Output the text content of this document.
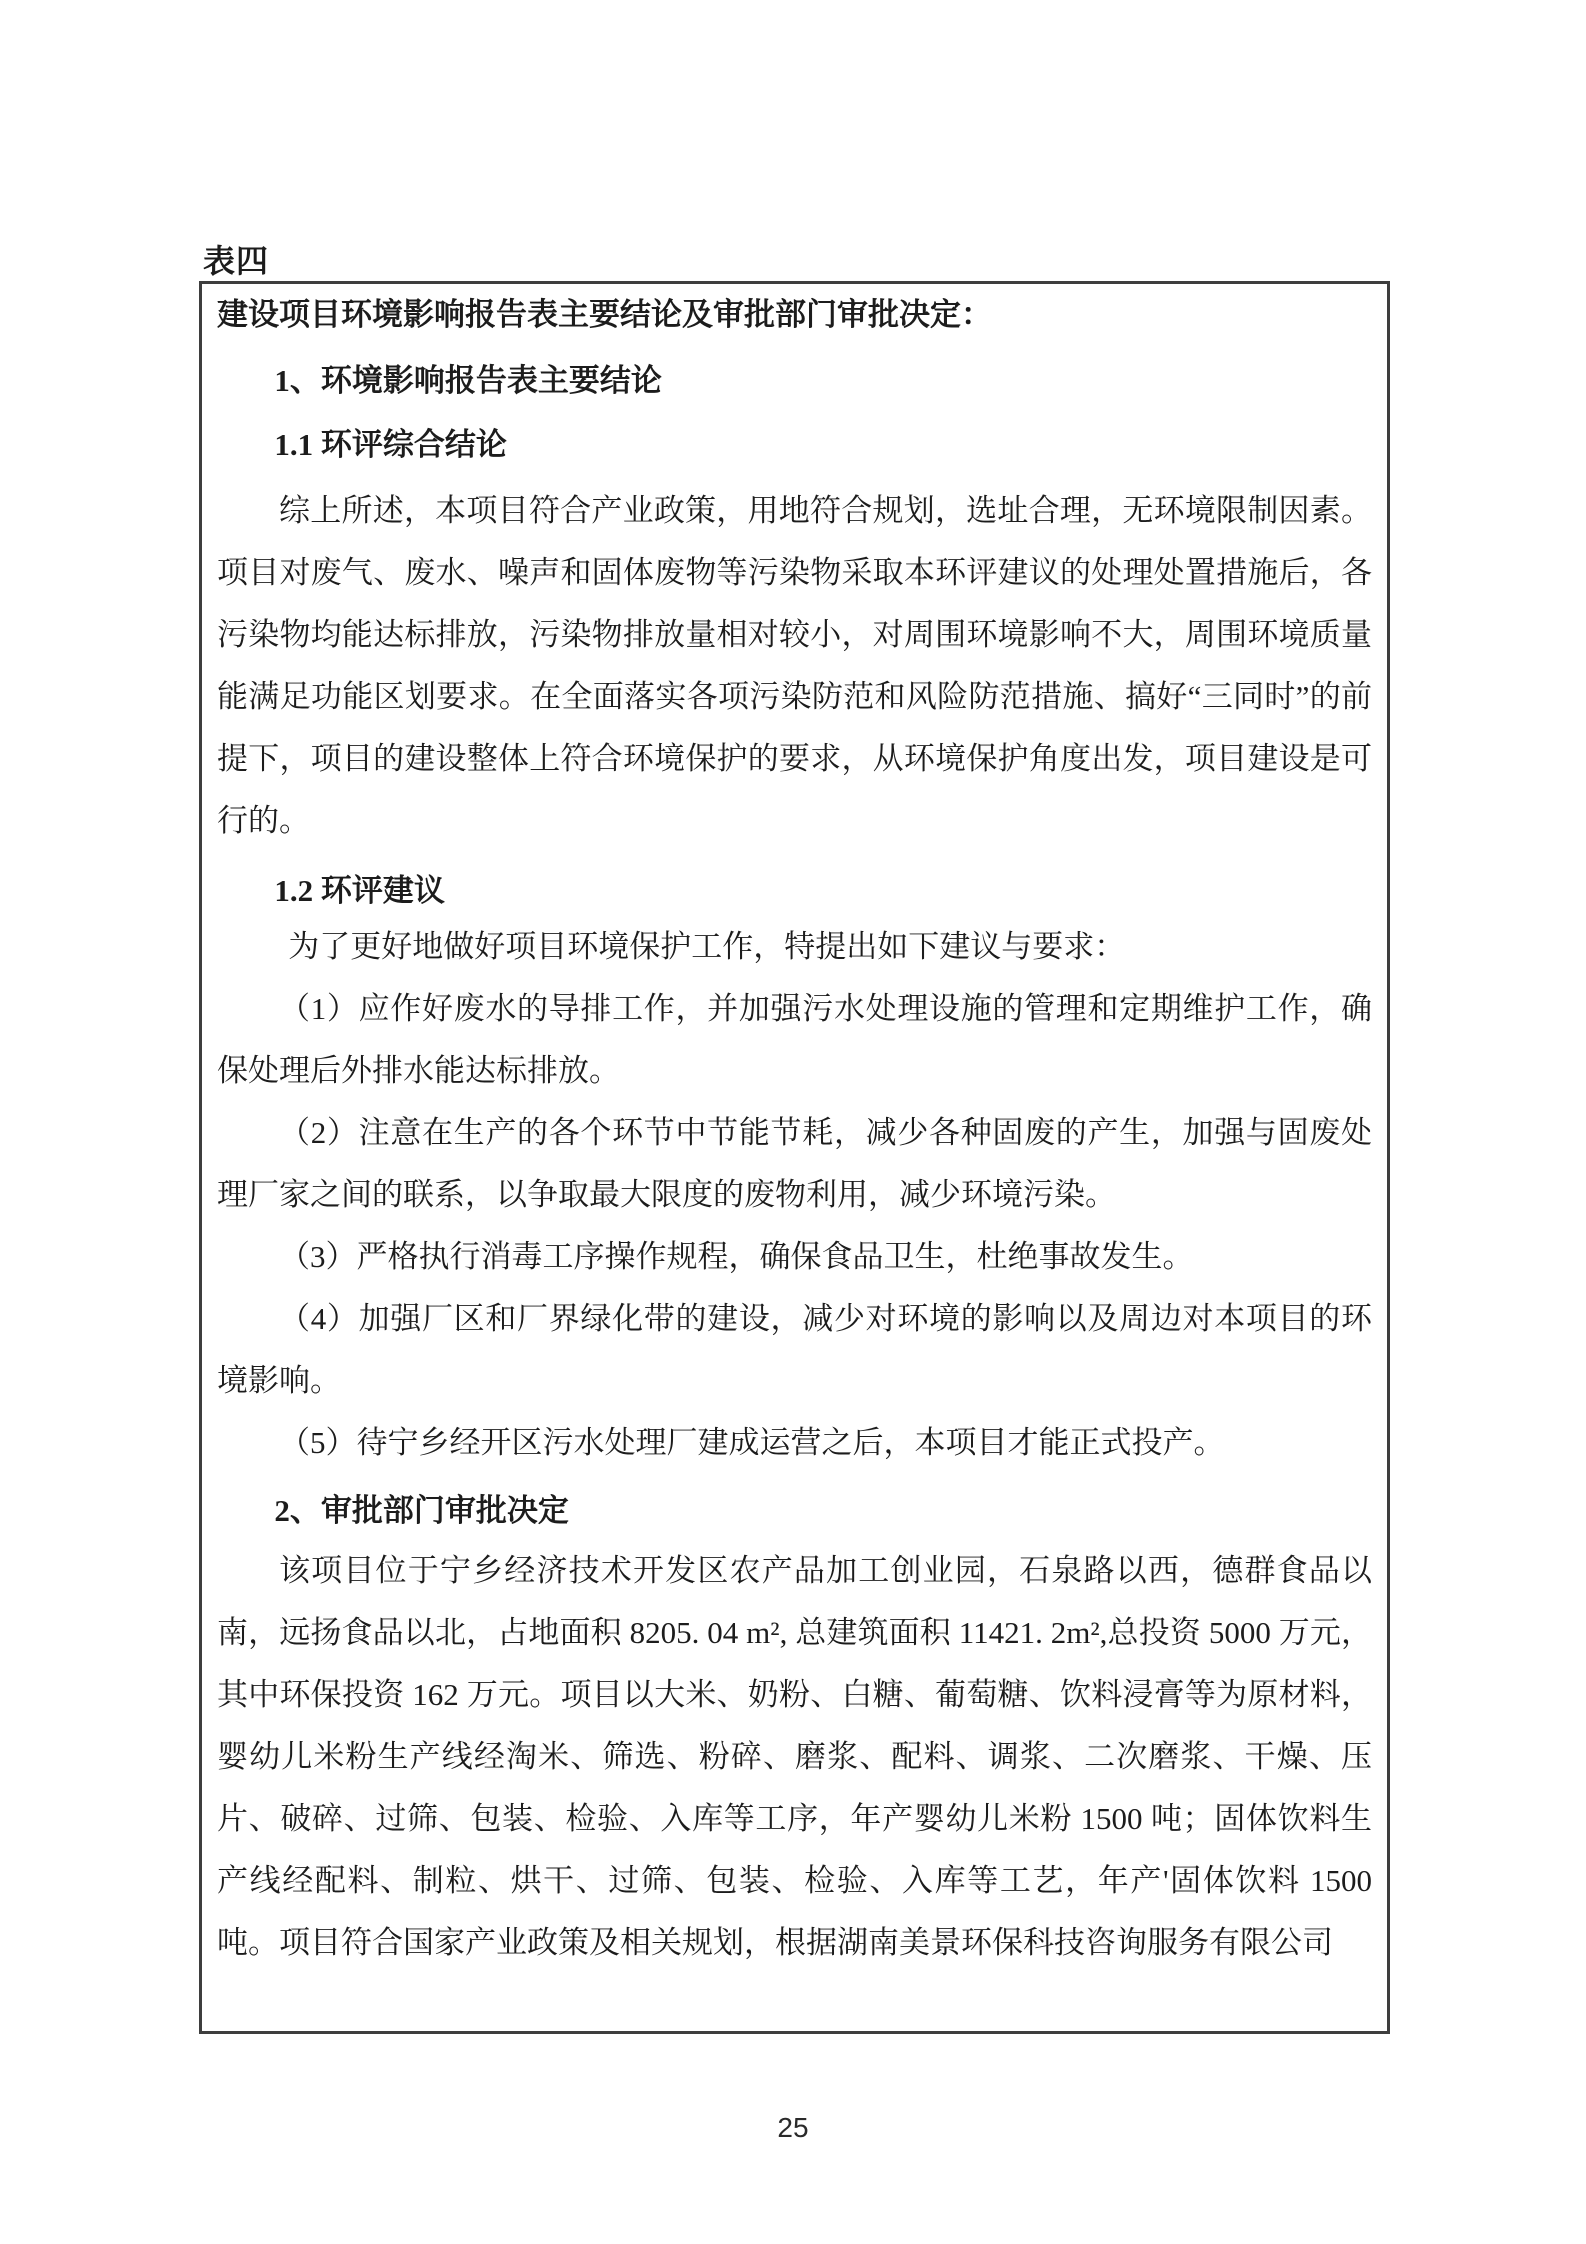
表四
建设项目环境影响报告表主要结论及审批部门审批决定：
1、环境影响报告表主要结论
1.1 环评综合结论
综上所述，本项目符合产业政策，用地符合规划，选址合理，无环境限制因素。项目对废气、废水、噪声和固体废物等污染物采取本环评建议的处理处置措施后，各污染物均能达标排放，污染物排放量相对较小，对周围环境影响不大，周围环境质量能满足功能区划要求。在全面落实各项污染防范和风险防范措施、搞好“三同时”的前提下，项目的建设整体上符合环境保护的要求，从环境保护角度出发，项目建设是可行的。
1.2 环评建议
为了更好地做好项目环境保护工作，特提出如下建议与要求：
（1）应作好废水的导排工作，并加强污水处理设施的管理和定期维护工作，确保处理后外排水能达标排放。
（2）注意在生产的各个环节中节能节耗，减少各种固废的产生，加强与固废处理厂家之间的联系，以争取最大限度的废物利用，减少环境污染。
（3）严格执行消毒工序操作规程，确保食品卫生，杜绝事故发生。
（4）加强厂区和厂界绿化带的建设，减少对环境的影响以及周边对本项目的环境影响。
（5）待宁乡经开区污水处理厂建成运营之后，本项目才能正式投产。
2、审批部门审批决定
该项目位于宁乡经济技术开发区农产品加工创业园，石泉路以西，德群食品以南，远扬食品以北，占地面积 8205. 04 m², 总建筑面积 11421. 2m²,总投资 5000 万元，其中环保投资 162 万元。项目以大米、奶粉、白糖、葡萄糖、饮料浸膏等为原材料，婴幼儿米粉生产线经淘米、筛选、粉碎、磨浆、配料、调浆、二次磨浆、干燥、压片、破碎、过筛、包装、检验、入库等工序，年产婴幼儿米粉 1500 吨；固体饮料生产线经配料、制粒、烘干、过筛、包装、检验、入库等工艺，年产'固体饮料 1500 吨。项目符合国家产业政策及相关规划，根据湖南美景环保科技咨询服务有限公司
25
